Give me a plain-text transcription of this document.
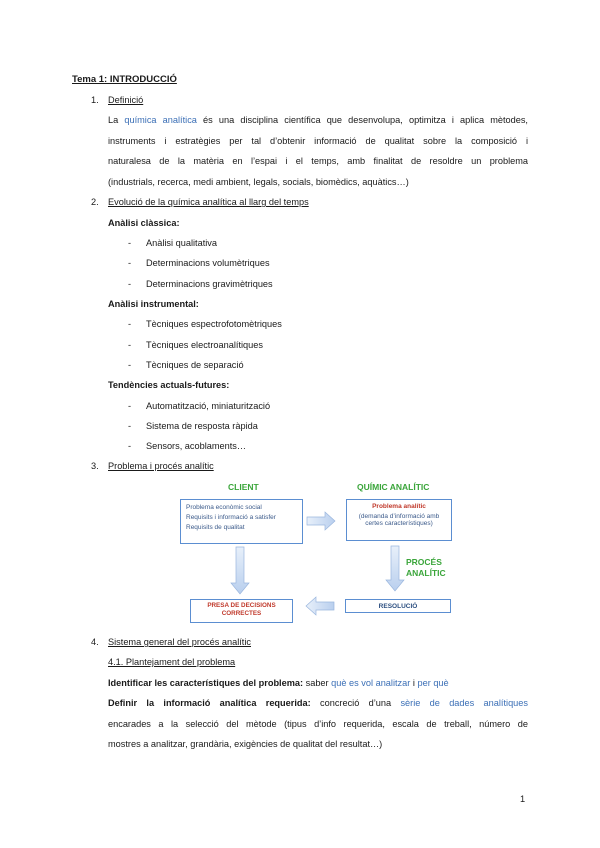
Tema 1: INTRODUCCIÓ
1. Definició
La química analítica és una disciplina científica que desenvolupa, optimitza i aplica mètodes,
instruments i estratègies per tal d’obtenir informació de qualitat sobre la composició i
naturalesa de la matèria en l’espai i el temps, amb finalitat de resoldre un problema
(industrials, recerca, medi ambient, legals, socials, biomèdics, aquàtics…)
2. Evolució de la química analítica al llarg del temps
Anàlisi clàssica:
- Anàlisi qualitativa
- Determinacions volumètriques
- Determinacions gravimètriques
Anàlisi instrumental:
- Tècniques espectrofotomètriques
- Tècniques electroanalítiques
- Tècniques de separació
Tendències actuals-futures:
- Automatització, miniaturització
- Sistema de resposta ràpida
- Sensors, acoblaments…
3. Problema i procés analític
CLIENT	QUÍMIC ANALÍTIC
Problema econòmic social
Requisits i informació a satisfer
Requisits de qualitat
Problema analític
(demanda d’informació amb
certes característiques)
PROCÉS
ANALÍTIC
RESOLUCIÓ
PRESA DE DECISIONS
CORRECTES
4. Sistema general del procés analític
4.1. Plantejament del problema
Identificar les característiques del problema: saber què es vol analitzar i per què
Definir la informació analítica requerida: concreció d’una sèrie de dades analítiques
encarades a la selecció del mètode (tipus d’info requerida, escala de treball, número de
mostres a analitzar, grandària, exigències de qualitat del resultat…)
1
